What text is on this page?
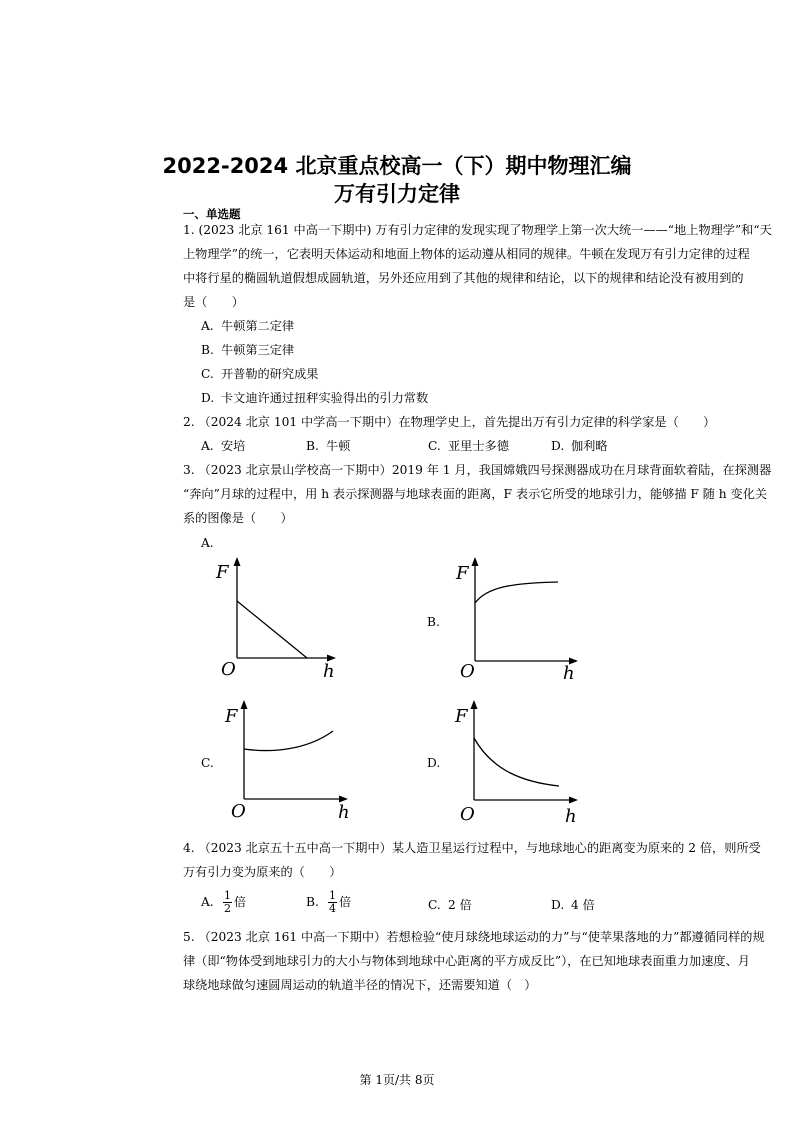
2022-2024 北京重点校高一（下）期中物理汇编
万有引力定律
一、单选题
1. (2023 北京 161 中高一下期中) 万有引力定律的发现实现了物理学上第一次大统一——“地上物理学”和“天
上物理学”的统一，它表明天体运动和地面上物体的运动遵从相同的规律。牛顿在发现万有引力定律的过程
中将行星的椭圆轨道假想成圆轨道，另外还应用到了其他的规律和结论，以下的规律和结论没有被用到的
是（　　）
A. 牛顿第二定律
B. 牛顿第三定律
C. 开普勒的研究成果
D. 卡文迪许通过扭秤实验得出的引力常数
2. （2024 北京 101 中学高一下期中）在物理学史上，首先提出万有引力定律的科学家是（　　）
A. 安培	B. 牛顿	C. 亚里士多德	D. 伽利略
3. （2023 北京景山学校高一下期中）2019 年 1 月，我国嫦娥四号探测器成功在月球背面软着陆，在探测器
“奔向”月球的过程中，用 h 表示探测器与地球表面的距离，F 表示它所受的地球引力，能够描 F 随 h 变化关
系的图像是（　　）
A.
B.
C.	D.
F
h
O
F
h
O
F
h
O
F
h
O
4. （2023 北京五十五中高一下期中）某人造卫星运行过程中，与地球地心的距离变为原来的 2 倍，则所受
万有引力变为原来的（　　）
A. $\frac{1}{2}$ 倍	B. $\frac{1}{4}$ 倍	C. 2 倍	D. 4 倍
5. （2023 北京 161 中高一下期中）若想检验“使月球绕地球运动的力”与“使苹果落地的力”都遵循同样的规
律（即“物体受到地球引力的大小与物体到地球中心距离的平方成反比”），在已知地球表面重力加速度、月
球绕地球做匀速圆周运动的轨道半径的情况下，还需要知道（　）
第 1页/共 8页
